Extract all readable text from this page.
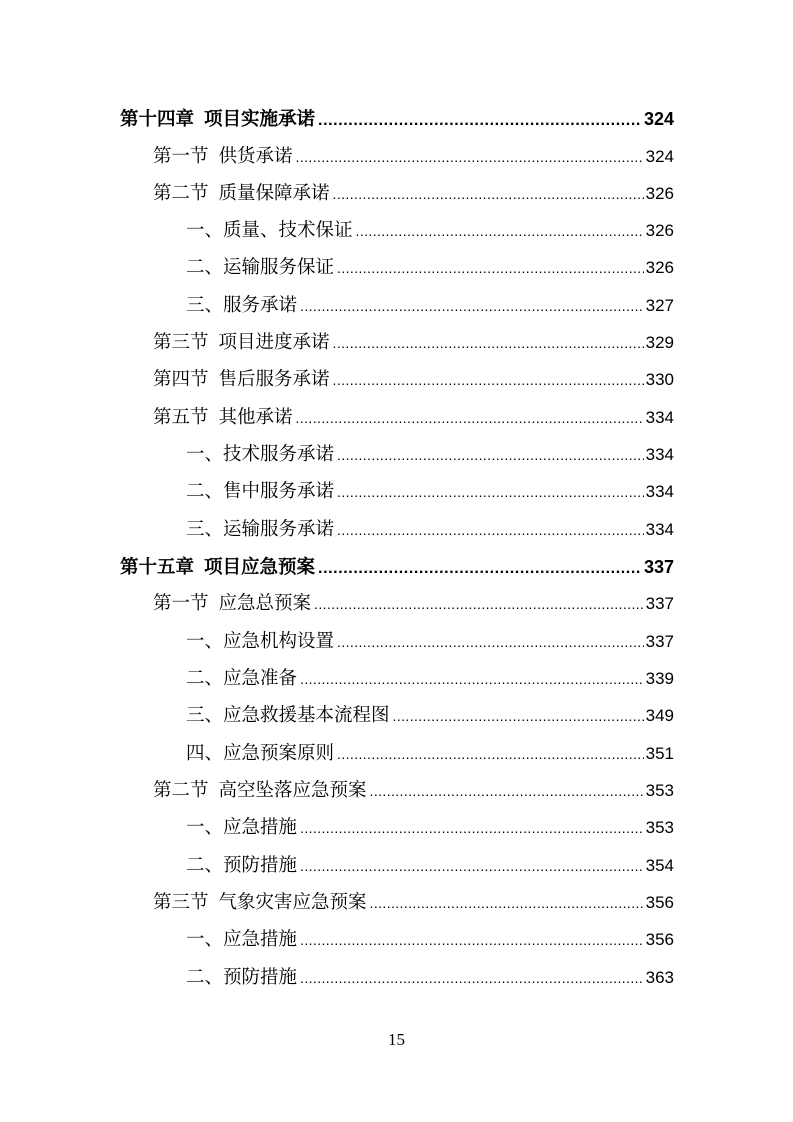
第十四章 项目实施承诺 .....	324
第一节 供货承诺 .....	324
第二节 质量保障承诺 .....	326
一、 质量、技术保证 .....	326
二、 运输服务保证 .....	326
三、 服务承诺 .....	327
第三节 项目进度承诺 .....	329
第四节 售后服务承诺 .....	330
第五节 其他承诺 .....	334
一、 技术服务承诺 .....	334
二、 售中服务承诺 .....	334
三、 运输服务承诺 .....	334
第十五章 项目应急预案 .....	337
第一节 应急总预案 .....	337
一、 应急机构设置 .....	337
二、 应急准备 .....	339
三、 应急救援基本流程图 .....	349
四、 应急预案原则 .....	351
第二节 高空坠落应急预案 .....	353
一、 应急措施 .....	353
二、 预防措施 .....	354
第三节 气象灾害应急预案 .....	356
一、 应急措施 .....	356
二、 预防措施 .....	363
15
